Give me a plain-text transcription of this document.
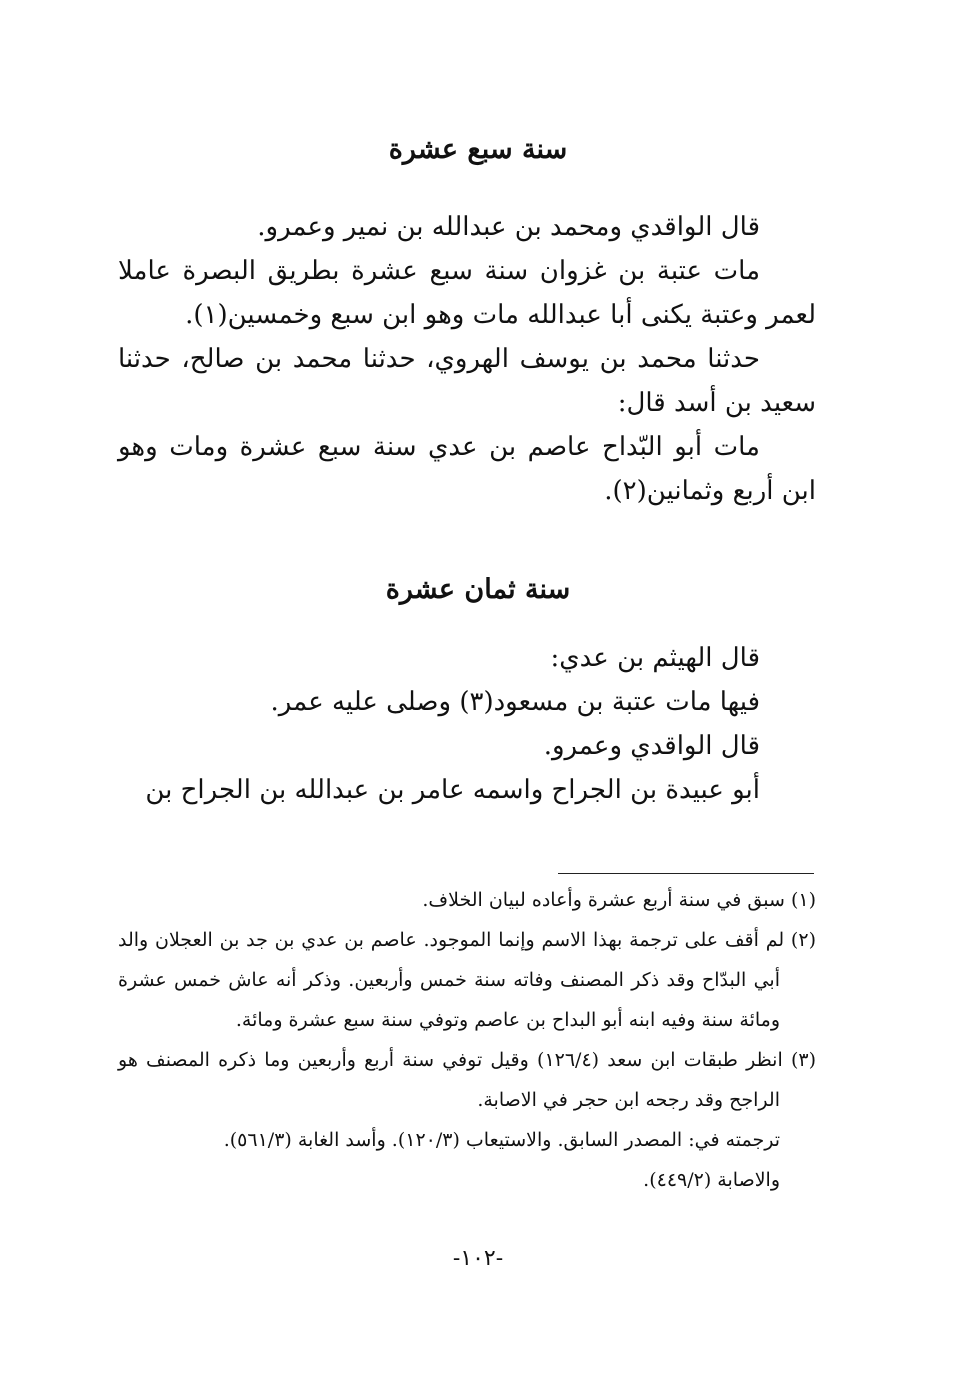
سنة سبع عشرة

قال الواقدي ومحمد بن عبدالله بن نمير وعمرو.

مات عتبة بن غزوان سنة سبع عشرة بطريق البصرة عاملا لعمر وعتبة يكنى أبا عبدالله مات وهو ابن سبع وخمسين(١).

حدثنا محمد بن يوسف الهروي، حدثنا محمد بن صالح، حدثنا سعيد بن أسد قال:

مات أبو البّداح عاصم بن عدي سنة سبع عشرة ومات وهو ابن أربع وثمانين(٢).

سنة ثمان عشرة

قال الهيثم بن عدي:

فيها مات عتبة بن مسعود(٣) وصلى عليه عمر.

قال الواقدي وعمرو.

أبو عبيدة بن الجراح واسمه عامر بن عبدالله بن الجراح بن

(١) سبق في سنة أربع عشرة وأعاده لبيان الخلاف.

(٢) لم أقف على ترجمة بهذا الاسم وإنما الموجود. عاصم بن عدي بن جد بن العجلان والد أبي البدّاح وقد ذكر المصنف وفاته سنة خمس وأربعين. وذكر أنه عاش خمس عشرة ومائة سنة وفيه ابنه أبو البداح بن عاصم وتوفي سنة سبع عشرة ومائة.

(٣) انظر طبقات ابن سعد (١٢٦/٤) وقيل توفي سنة أربع وأربعين وما ذكره المصنف هو الراجح وقد رجحه ابن حجر في الاصابة.

ترجمته في: المصدر السابق. والاستيعاب (١٢٠/٣). وأسد الغابة (٥٦١/٣).

والاصابة (٤٤٩/٢).

-١٠٢-
